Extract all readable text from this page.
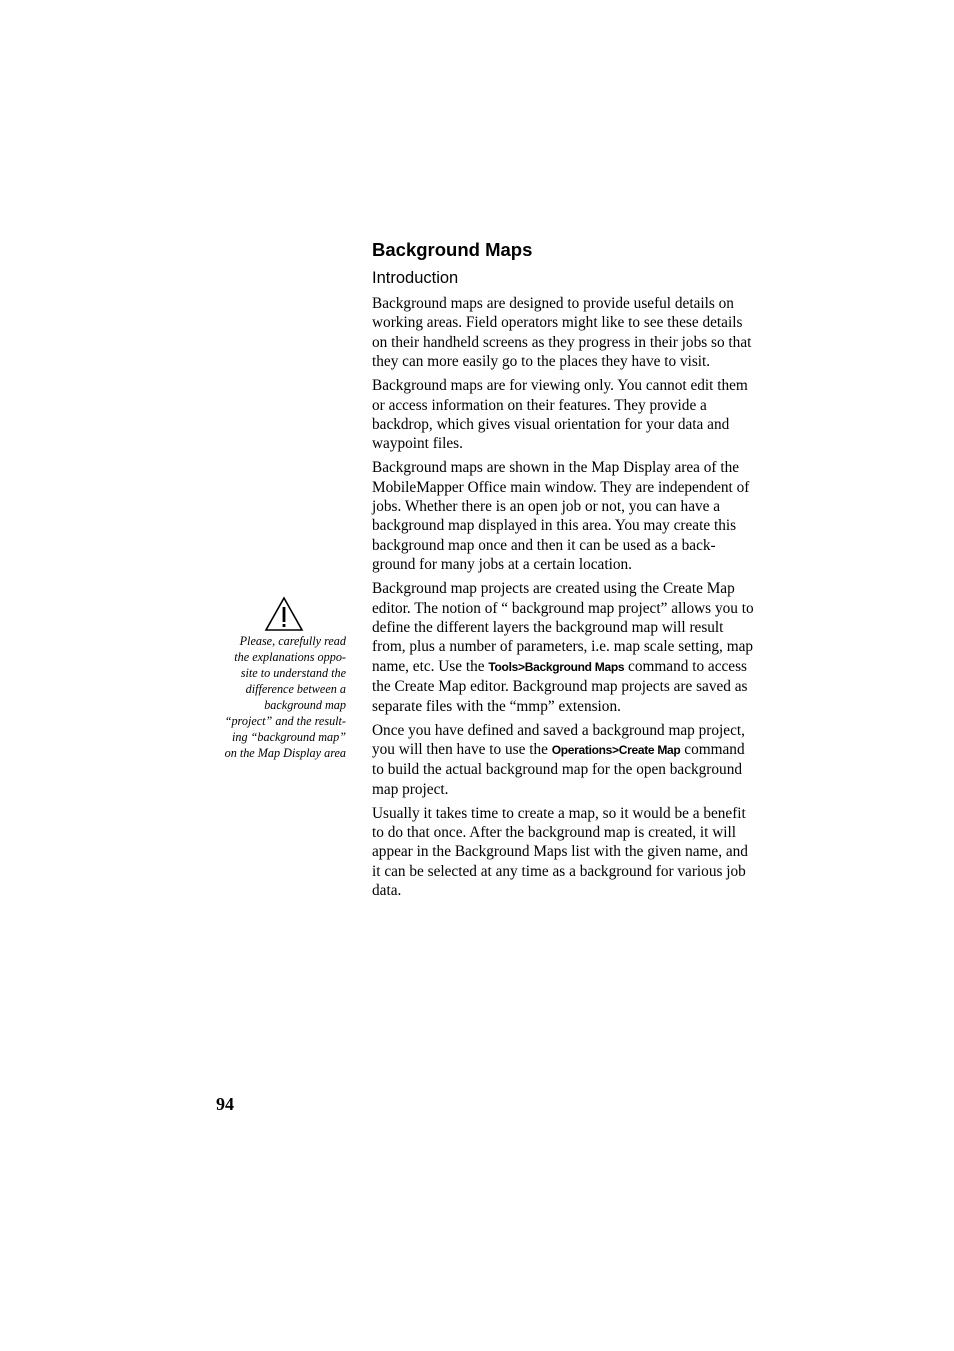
Background Maps
Introduction

Background maps are designed to provide useful details on working areas. Field operators might like to see these details on their handheld screens as they progress in their jobs so that they can more easily go to the places they have to visit.

Background maps are for viewing only. You cannot edit them or access information on their features. They provide a backdrop, which gives visual orientation for your data and waypoint files.

Background maps are shown in the Map Display area of the MobileMapper Office main window. They are independent of jobs. Whether there is an open job or not, you can have a background map displayed in this area. You may create this background map once and then it can be used as a back-ground for many jobs at a certain location.

Background map projects are created using the Create Map editor. The notion of “ background map project” allows you to define the different layers the background map will result from, plus a number of parameters, i.e. map scale setting, map name, etc. Use the Tools>Background Maps command to access the Create Map editor. Background map projects are saved as separate files with the “mmp” extension.

Once you have defined and saved a background map project, you will then have to use the Operations>Create Map command to build the actual background map for the open background map project.

Usually it takes time to create a map, so it would be a benefit to do that once. After the background map is created, it will appear in the Background Maps list with the given name, and it can be selected at any time as a background for various job data.

Please, carefully read
the explanations oppo-
site to understand the
difference between a
background map
“project” and the result-
ing “background map”
on the Map Display area
94
